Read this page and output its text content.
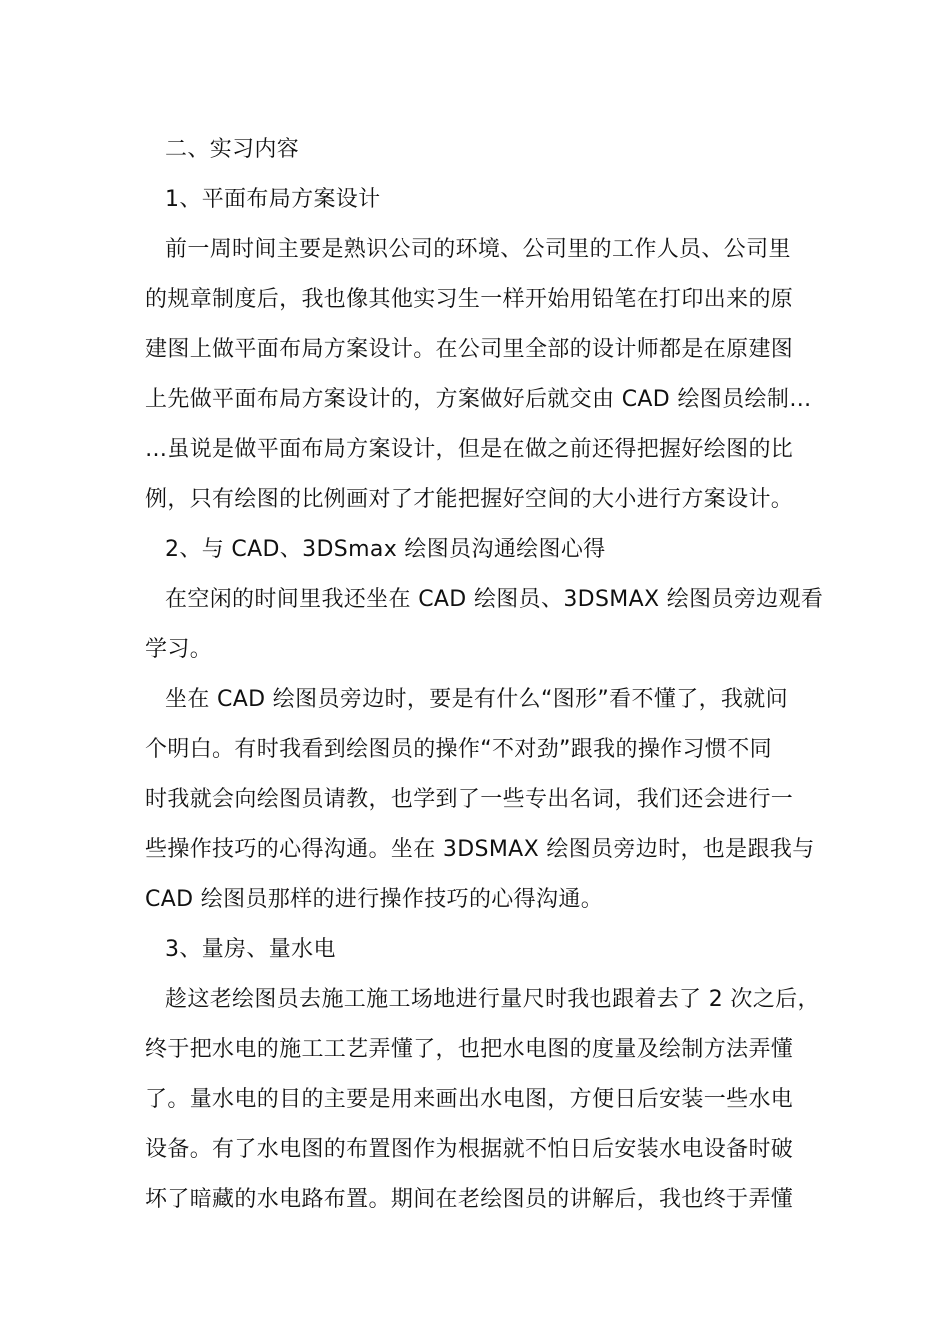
二、实习内容
1、平面布局方案设计
前一周时间主要是熟识公司的环境、公司里的工作人员、公司里
的规章制度后，我也像其他实习生一样开始用铅笔在打印出来的原
建图上做平面布局方案设计。在公司里全部的设计师都是在原建图
上先做平面布局方案设计的，方案做好后就交由 CAD 绘图员绘制…
…虽说是做平面布局方案设计，但是在做之前还得把握好绘图的比
例，只有绘图的比例画对了才能把握好空间的大小进行方案设计。
2、与 CAD、3DSmax 绘图员沟通绘图心得
在空闲的时间里我还坐在 CAD 绘图员、3DSMAX 绘图员旁边观看
学习。
坐在 CAD 绘图员旁边时，要是有什么“图形”看不懂了，我就问
个明白。有时我看到绘图员的操作“不对劲”跟我的操作习惯不同
时我就会向绘图员请教，也学到了一些专出名词，我们还会进行一
些操作技巧的心得沟通。坐在 3DSMAX 绘图员旁边时，也是跟我与
CAD 绘图员那样的进行操作技巧的心得沟通。
3、量房、量水电
趁这老绘图员去施工施工场地进行量尺时我也跟着去了 2 次之后，
终于把水电的施工工艺弄懂了，也把水电图的度量及绘制方法弄懂
了。量水电的目的主要是用来画出水电图，方便日后安装一些水电
设备。有了水电图的布置图作为根据就不怕日后安装水电设备时破
坏了暗藏的水电路布置。期间在老绘图员的讲解后，我也终于弄懂
